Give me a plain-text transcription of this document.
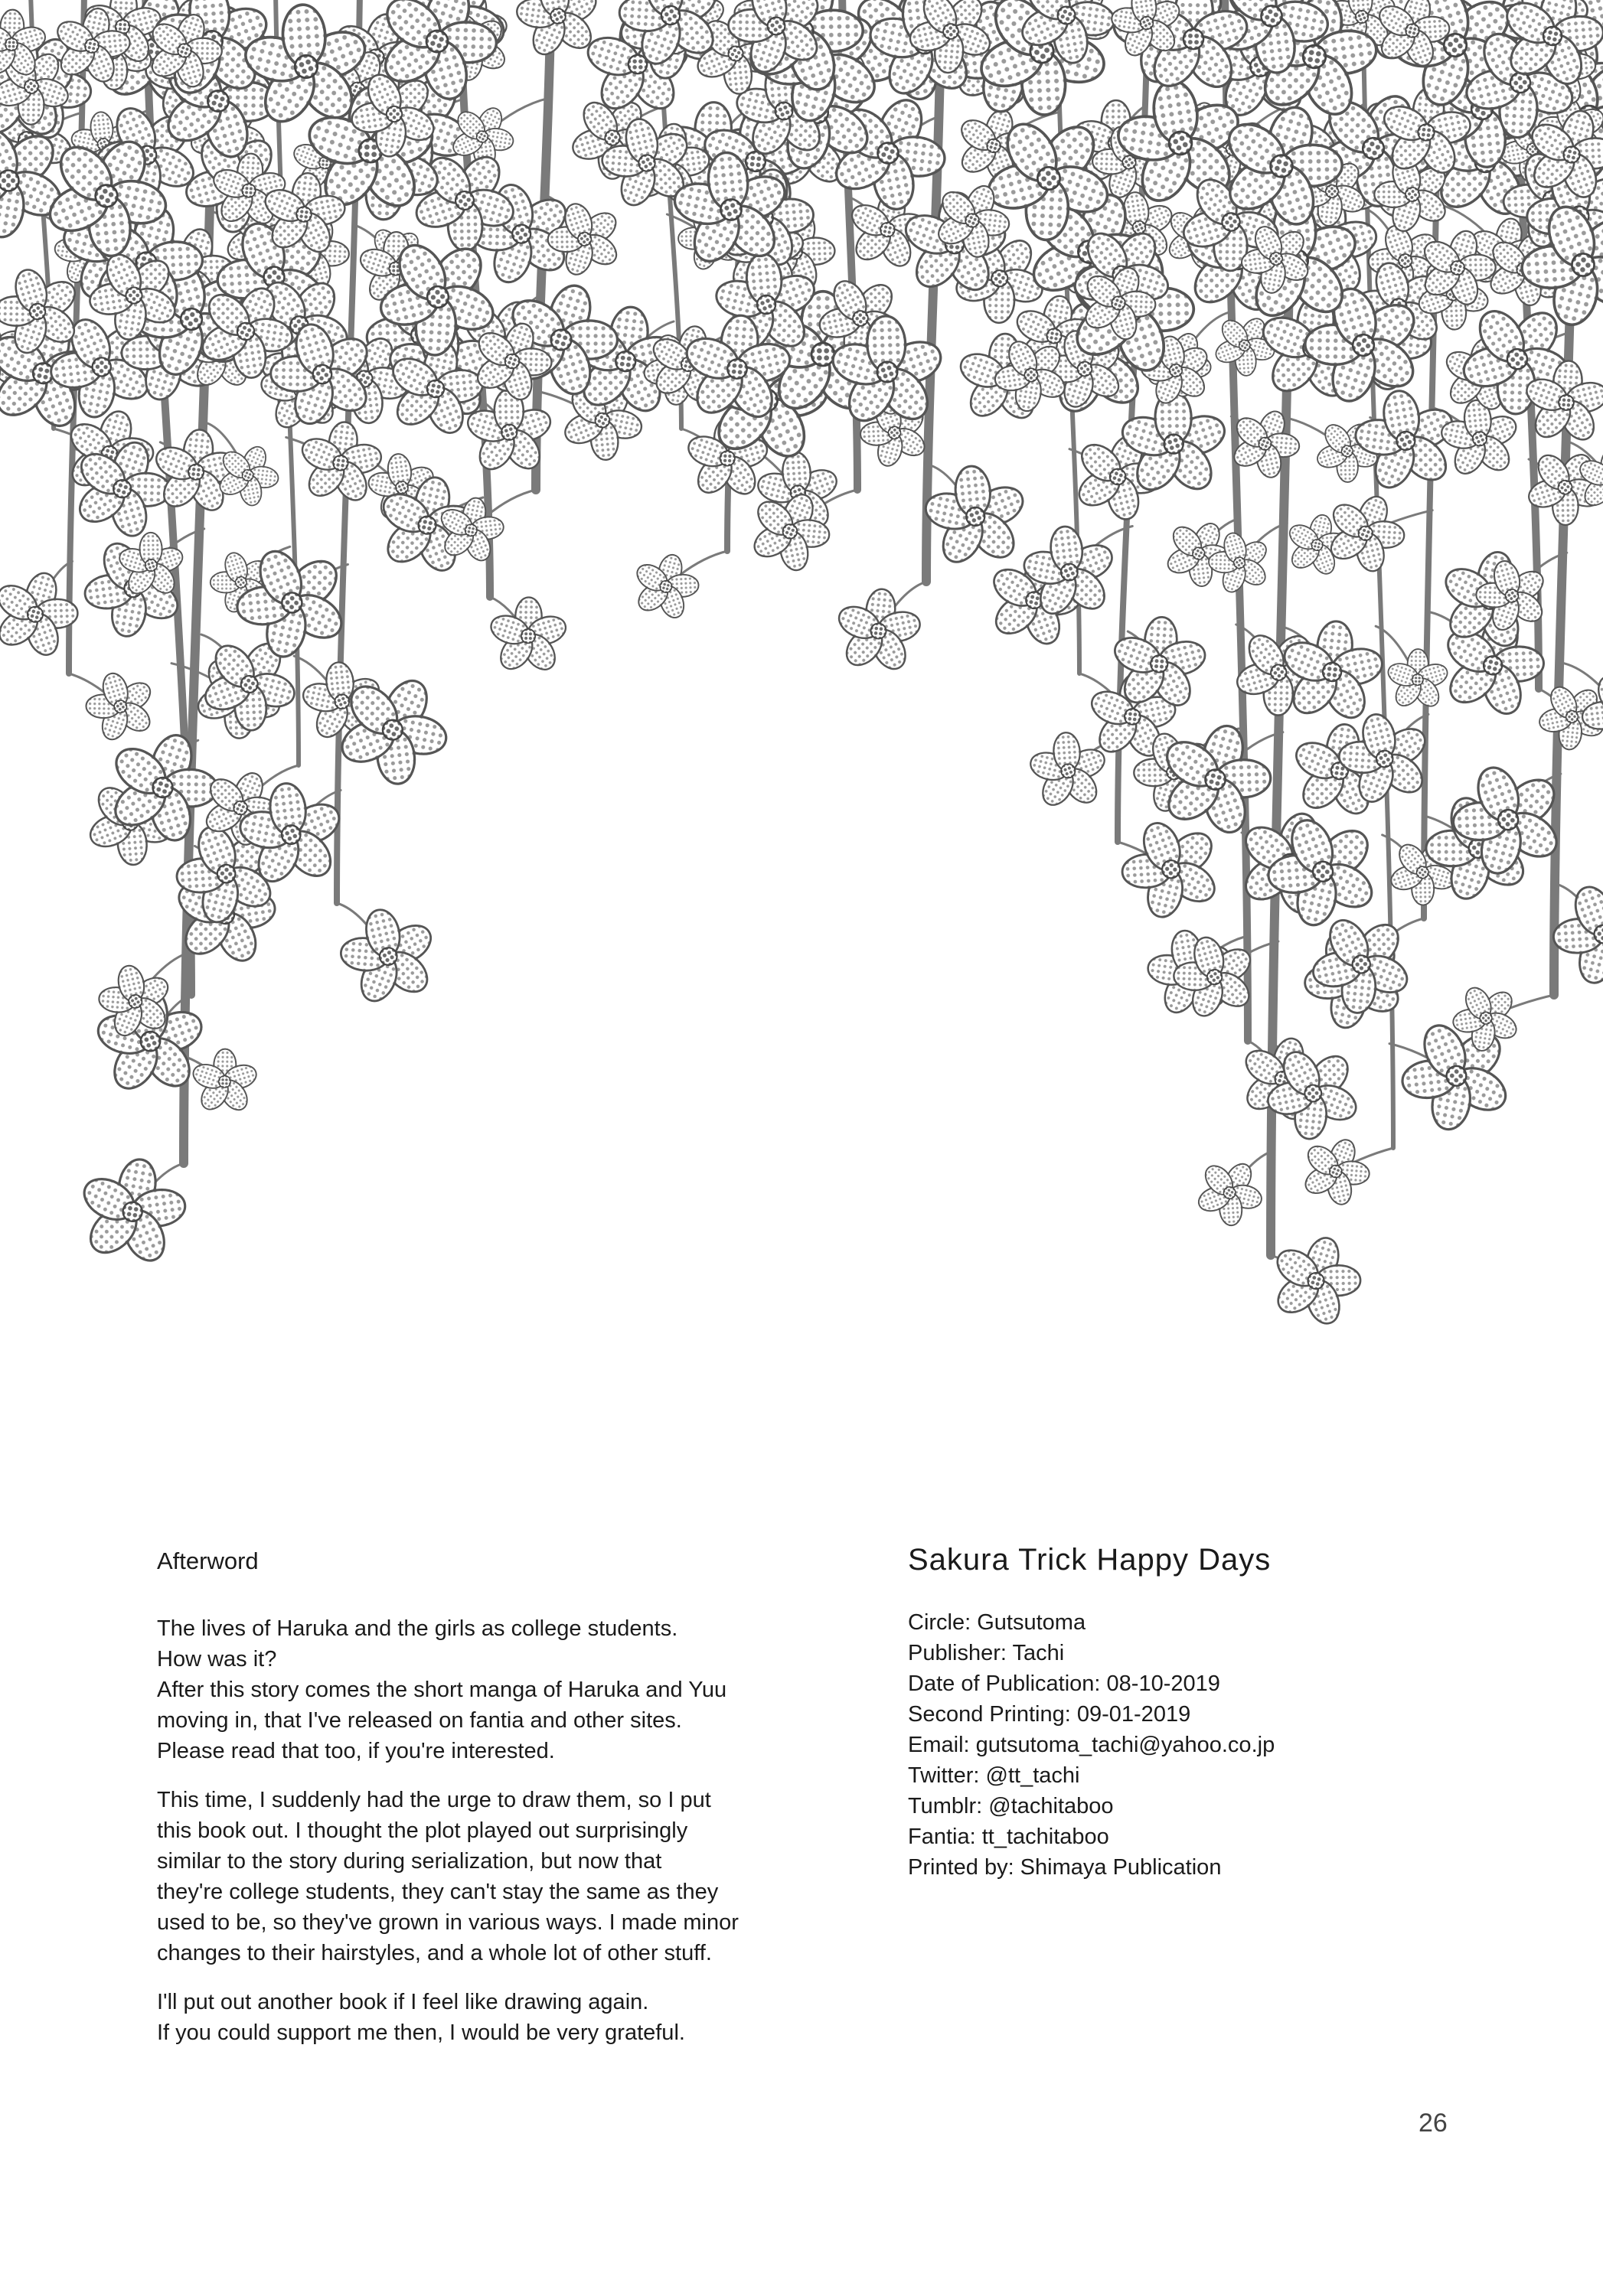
Afterword

The lives of Haruka and the girls as college students.
How was it?
After this story comes the short manga of Haruka and Yuu
moving in, that I've released on fantia and other sites.
Please read that too, if you're interested.

This time, I suddenly had the urge to draw them, so I put
this book out. I thought the plot played out surprisingly
similar to the story during serialization, but now that
they're college students, they can't stay the same as they
used to be, so they've grown in various ways. I made minor
changes to their hairstyles, and a whole lot of other stuff.

I'll put out another book if I feel like drawing again.
If you could support me then, I would be very grateful.

Sakura Trick Happy Days
Circle: Gutsutoma
Publisher: Tachi
Date of Publication: 08-10-2019
Second Printing: 09-01-2019
Email: gutsutoma_tachi@yahoo.co.jp
Twitter: @tt_tachi
Tumblr: @tachitaboo
Fantia: tt_tachitaboo
Printed by: Shimaya Publication
26
